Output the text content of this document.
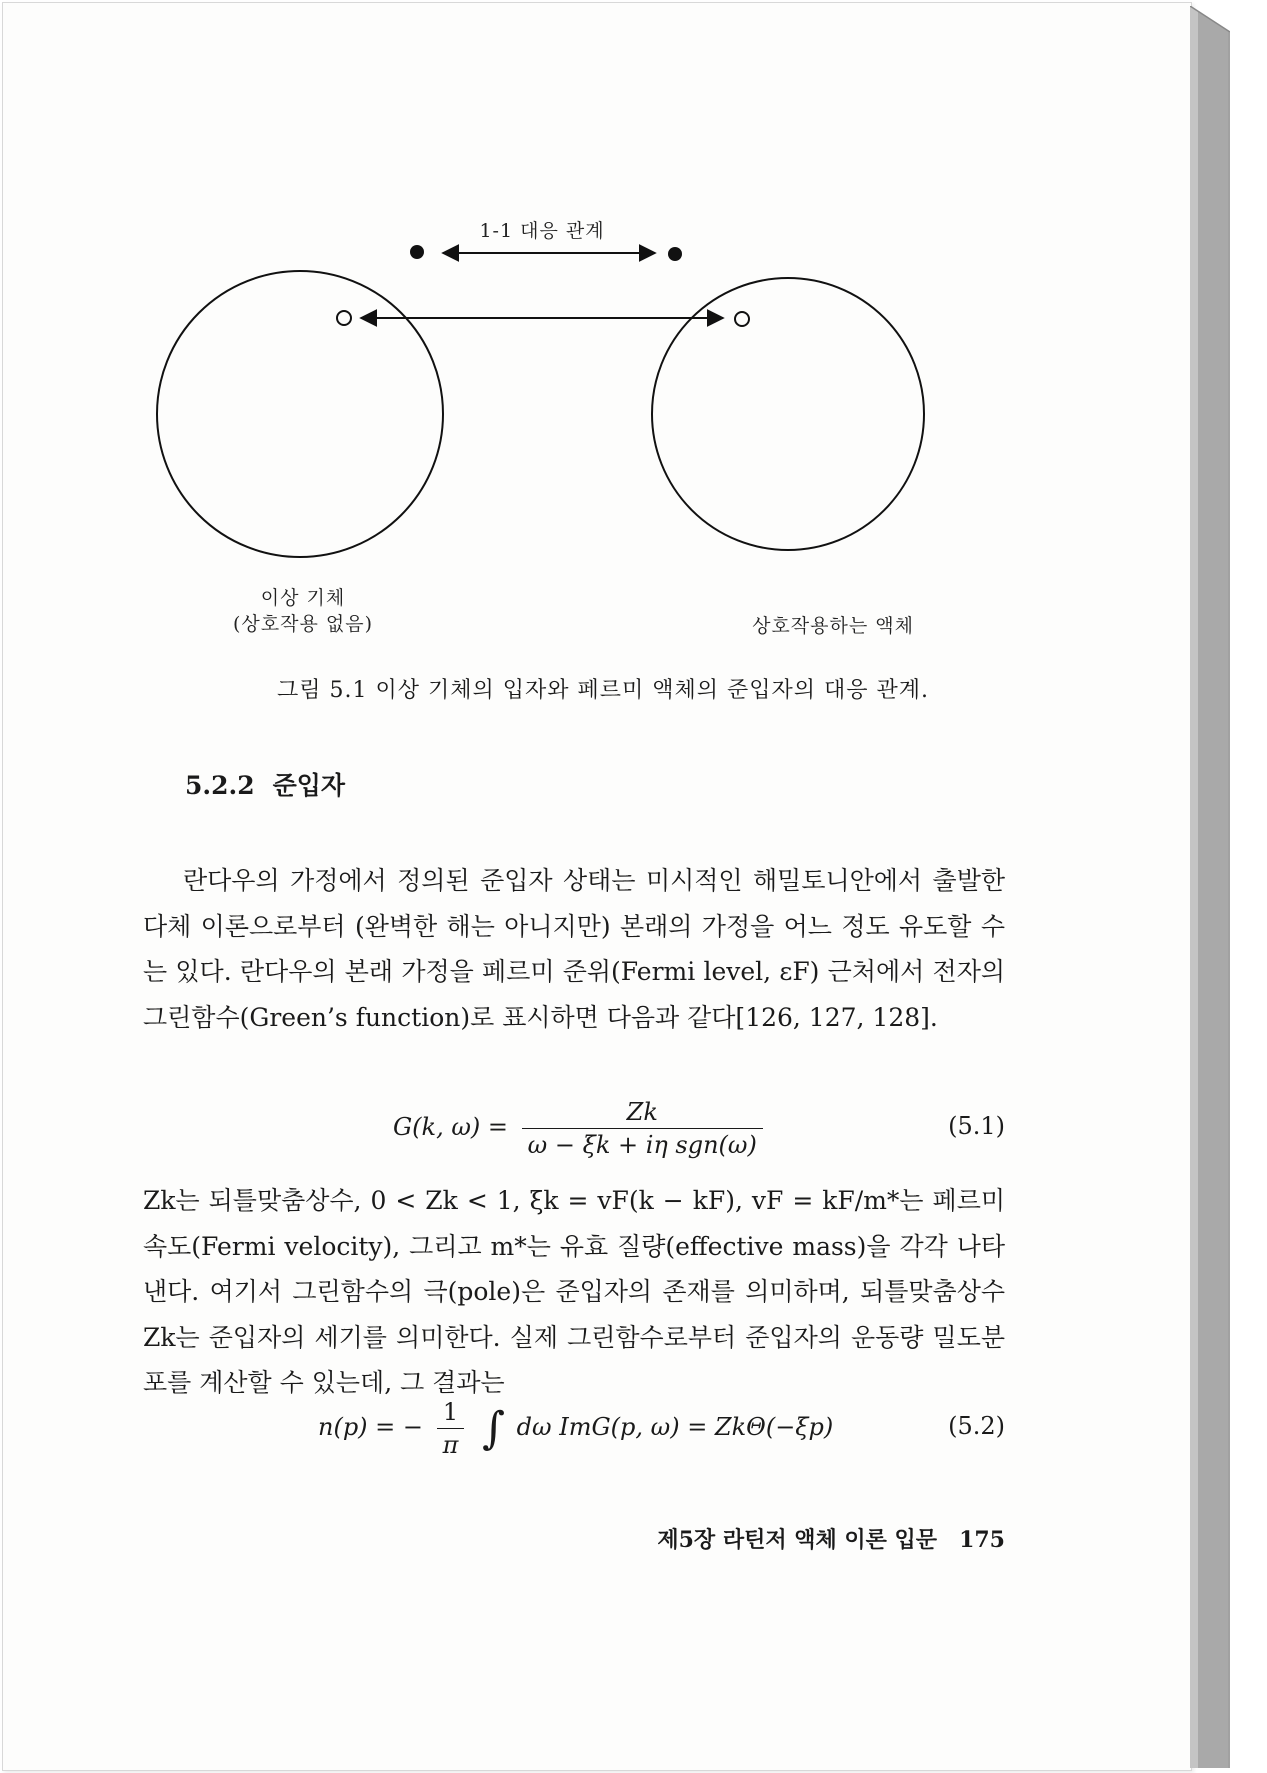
1-1 대응 관계
이상 기체
(상호작용 없음)	상호작용하는 액체
그림 5.1 이상 기체의 입자와 페르미 액체의 준입자의 대응 관계.
5.2.2 준입자
란다우의 가정에서 정의된 준입자 상태는 미시적인 해밀토니안에서 출발한 다체 이론으로부터 (완벽한 해는 아니지만) 본래의 가정을 어느 정도 유도할 수는 있다. 란다우의 본래 가정을 페르미 준위(Fermi level, εF) 근처에서 전자의 그린함수(Green’s function)로 표시하면 다음과 같다[126, 127, 128].
G(k, $\omega) = \frac{Zk}{\text{ω − ξk + iη sgn(ω)}}$	(5.1)
Zk는 되틀맞춤상수, 0 < Zk < 1, ξk = vF(k − kF), vF = kF/m*는 페르미 속도(Fermi velocity), 그리고 m*는 유효 질량(effective mass)을 각각 나타낸다. 여기서 그린함수의 극(pole)은 준입자의 존재를 의미하며, 되틀맞춤상수 Zk는 준입자의 세기를 의미한다. 실제 그린함수로부터 준입자의 운동량 밀도분포를 계산할 수 있는데, 그 결과는
n(p) = − $\frac{1}{\pi}$ ∫ dω ImG(p, ω) = ZkΘ(−ξp)	(5.2)
제5장 라틴저 액체 이론 입문 175
